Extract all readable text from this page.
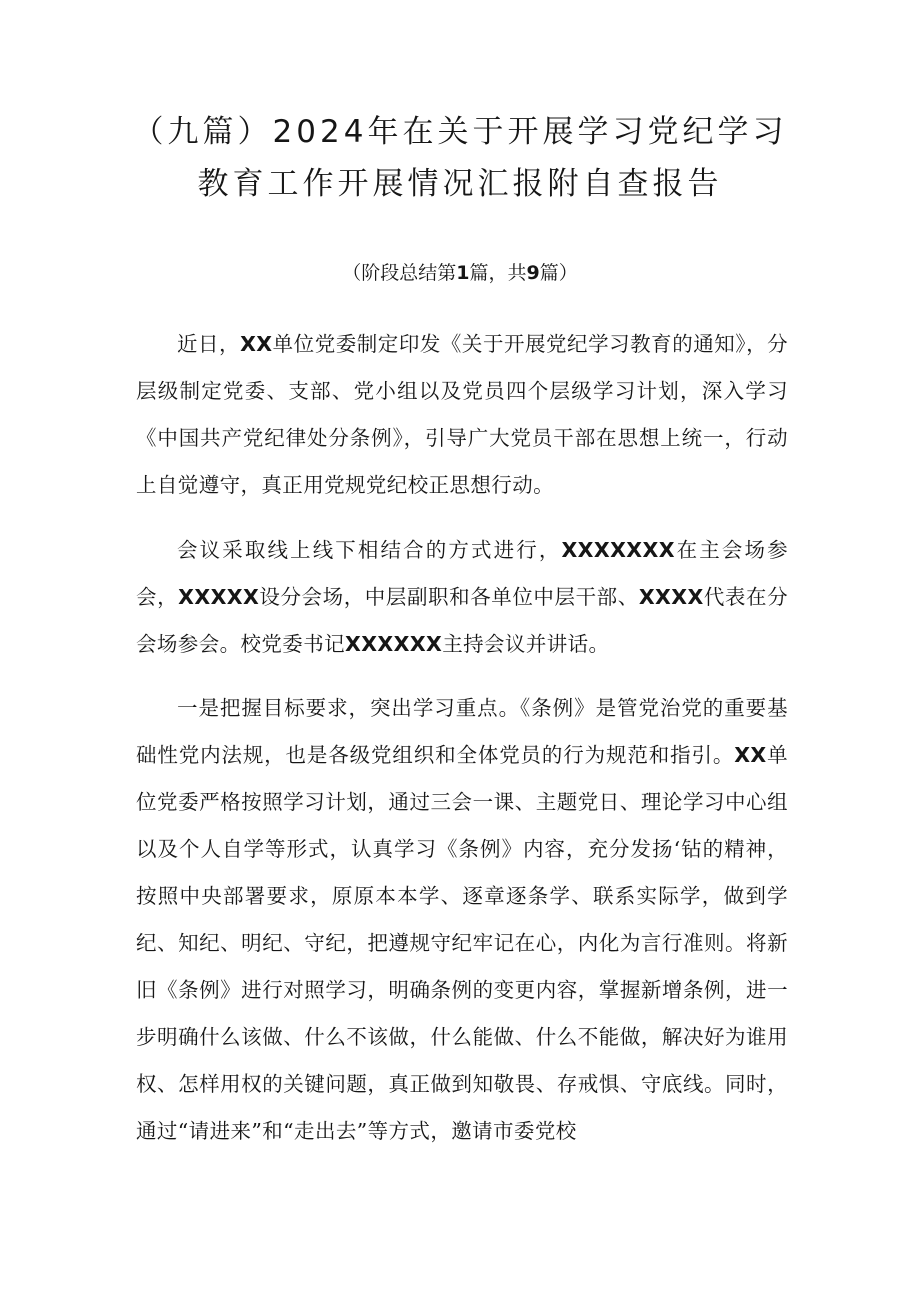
（九篇）2024年在关于开展学习党纪学习
教育工作开展情况汇报附自查报告
（阶段总结第1篇，共9篇）

近日，XX单位党委制定印发《关于开展党纪学习教育的通知》，分层级制定党委、支部、党小组以及党员四个层级学习计划，深入学习《中国共产党纪律处分条例》，引导广大党员干部在思想上统一，行动上自觉遵守，真正用党规党纪校正思想行动。

会议采取线上线下相结合的方式进行，XXXXXXX在主会场参会，XXXXX设分会场，中层副职和各单位中层干部、XXXX代表在分会场参会。校党委书记XXXXXX主持会议并讲话。

一是把握目标要求，突出学习重点。《条例》是管党治党的重要基础性党内法规，也是各级党组织和全体党员的行为规范和指引。XX单位党委严格按照学习计划，通过三会一课、主题党日、理论学习中心组以及个人自学等形式，认真学习《条例》内容，充分发扬‘钻的精神，按照中央部署要求，原原本本学、逐章逐条学、联系实际学，做到学纪、知纪、明纪、守纪，把遵规守纪牢记在心，内化为言行准则。将新旧《条例》进行对照学习，明确条例的变更内容，掌握新增条例，进一步明确什么该做、什么不该做，什么能做、什么不能做，解决好为谁用权、怎样用权的关键问题，真正做到知敬畏、存戒惧、守底线。同时，通过“请进来”和“走出去”等方式，邀请市委党校
